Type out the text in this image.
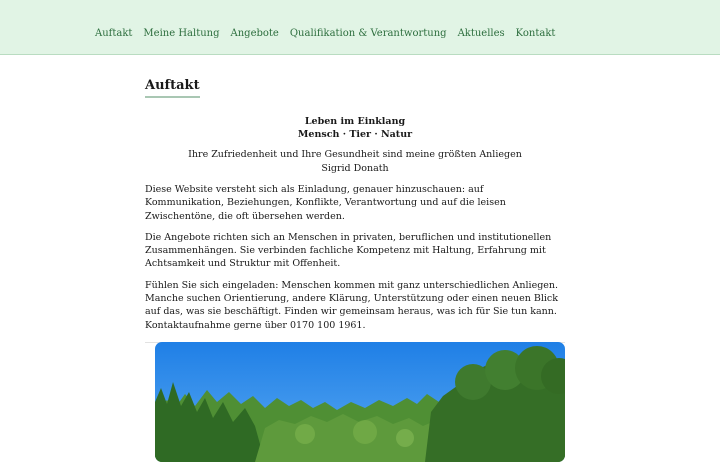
Auftakt Meine Haltung Angebote Qualifikation & Verantwortung Aktuelles Kontakt
Auftakt
Leben im Einklang
Mensch · Tier · Natur
Ihre Zufriedenheit und Ihre Gesundheit sind meine größten Anliegen
Sigrid Donath

Diese Website versteht sich als Einladung, genauer hinzuschauen: auf Kommunikation, Beziehungen, Konflikte, Verantwortung und auf die leisen Zwischentöne, die oft übersehen werden.

Die Angebote richten sich an Menschen in privaten, beruflichen und institutionellen Zusammenhängen. Sie verbinden fachliche Kompetenz mit Haltung, Erfahrung mit Achtsamkeit und Struktur mit Offenheit.

Fühlen Sie sich eingeladen: Menschen kommen mit ganz unterschiedlichen Anliegen. Manche suchen Orientierung, andere Klärung, Unterstützung oder einen neuen Blick auf das, was sie beschäftigt. Finden wir gemeinsam heraus, was ich für Sie tun kann. Kontaktaufnahme gerne über 0170 100 1961.
